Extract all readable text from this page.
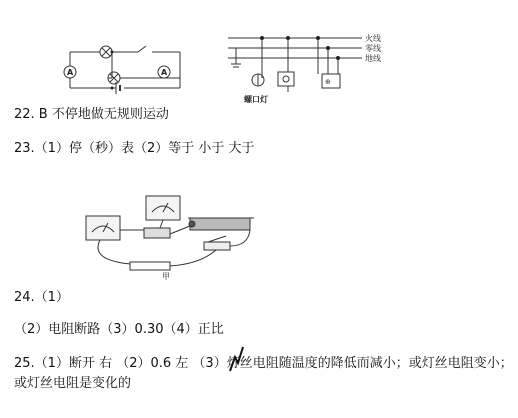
A	A
⊕
火线
零线
地线
螺口灯
22. B 不停地做无规则运动
23.（1）停（秒）表（2）等于 小于 大于
甲
24.（1）
（2）电阻断路（3）0.30（4）正比
25.（1）断开 右 （2）0.6 左 （3）灯丝电阻随温度的降低而减小；或灯丝电阻变小；
或灯丝电阻是变化的
